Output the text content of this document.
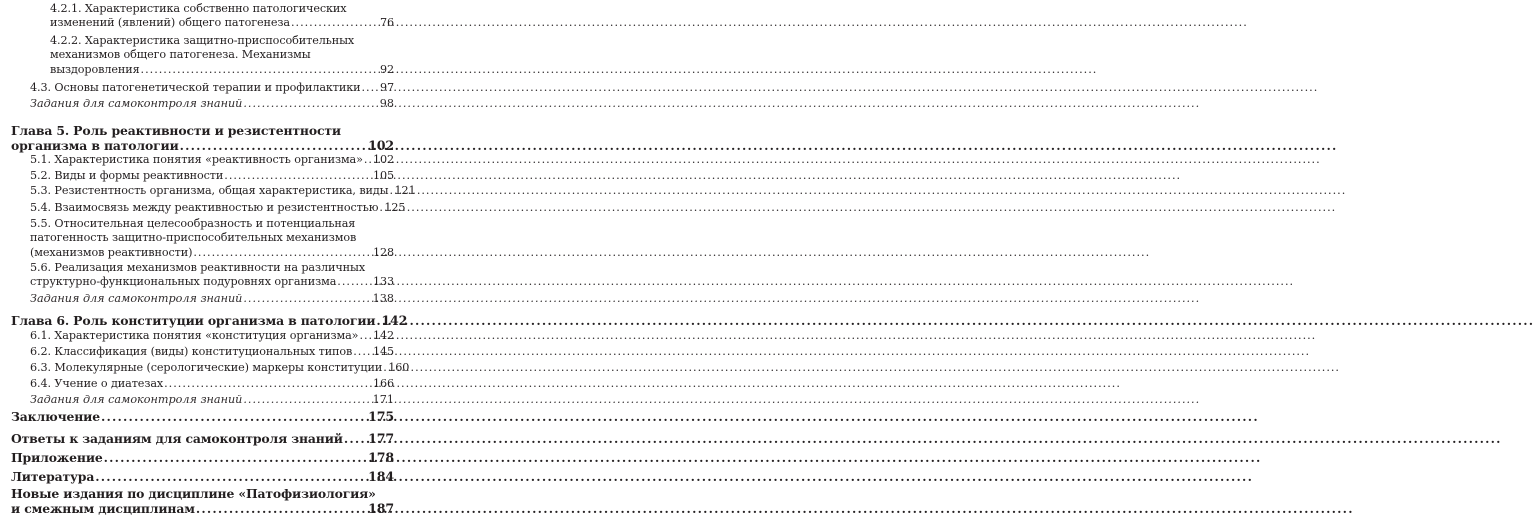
4.2.1. Характеристика собственно патологических
изменений (явлений) общего патогенеза .....	76
4.2.2. Характеристика защитно-приспособительных
механизмов общего патогенеза. Механизмы
выздоровления .....	92
4.3. Основы патогенетической терапии и профилактики ..... 97
Задания для самоконтроля знаний .....	98
Глава 5. Роль реактивности и резистентности
организма в патологии .....	102
5.1. Характеристика понятия «реактивность организма» ..... 102
5.2. Виды и формы реактивности .....	105
5.3. Резистентность организма, общая характеристика, виды ..... 121
5.4. Взаимосвязь между реактивностью и резистентностью ..... 125
5.5. Относительная целесообразность и потенциальная
патогенность защитно-приспособительных механизмов
(механизмов реактивности) .....	128
5.6. Реализация механизмов реактивности на различных
структурно-функциональных подуровнях организма .....	133
Задания для самоконтроля знаний .....	138
Глава 6. Роль конституции организма в патологии ..... 142
6.1. Характеристика понятия «конституция организма» ..... 142
6.2. Классификация (виды) конституциональных типов ..... 145
6.3. Молекулярные (серологические) маркеры конституции ..... 160
6.4. Учение о диатезах .....	166
Задания для самоконтроля знаний .....	171
Заключение .....	175
Ответы к заданиям для самоконтроля знаний ..... 177
Приложение .....	178
Литература .....	184
Новые издания по дисциплине «Патофизиология»
и смежным дисциплинам .....	187
